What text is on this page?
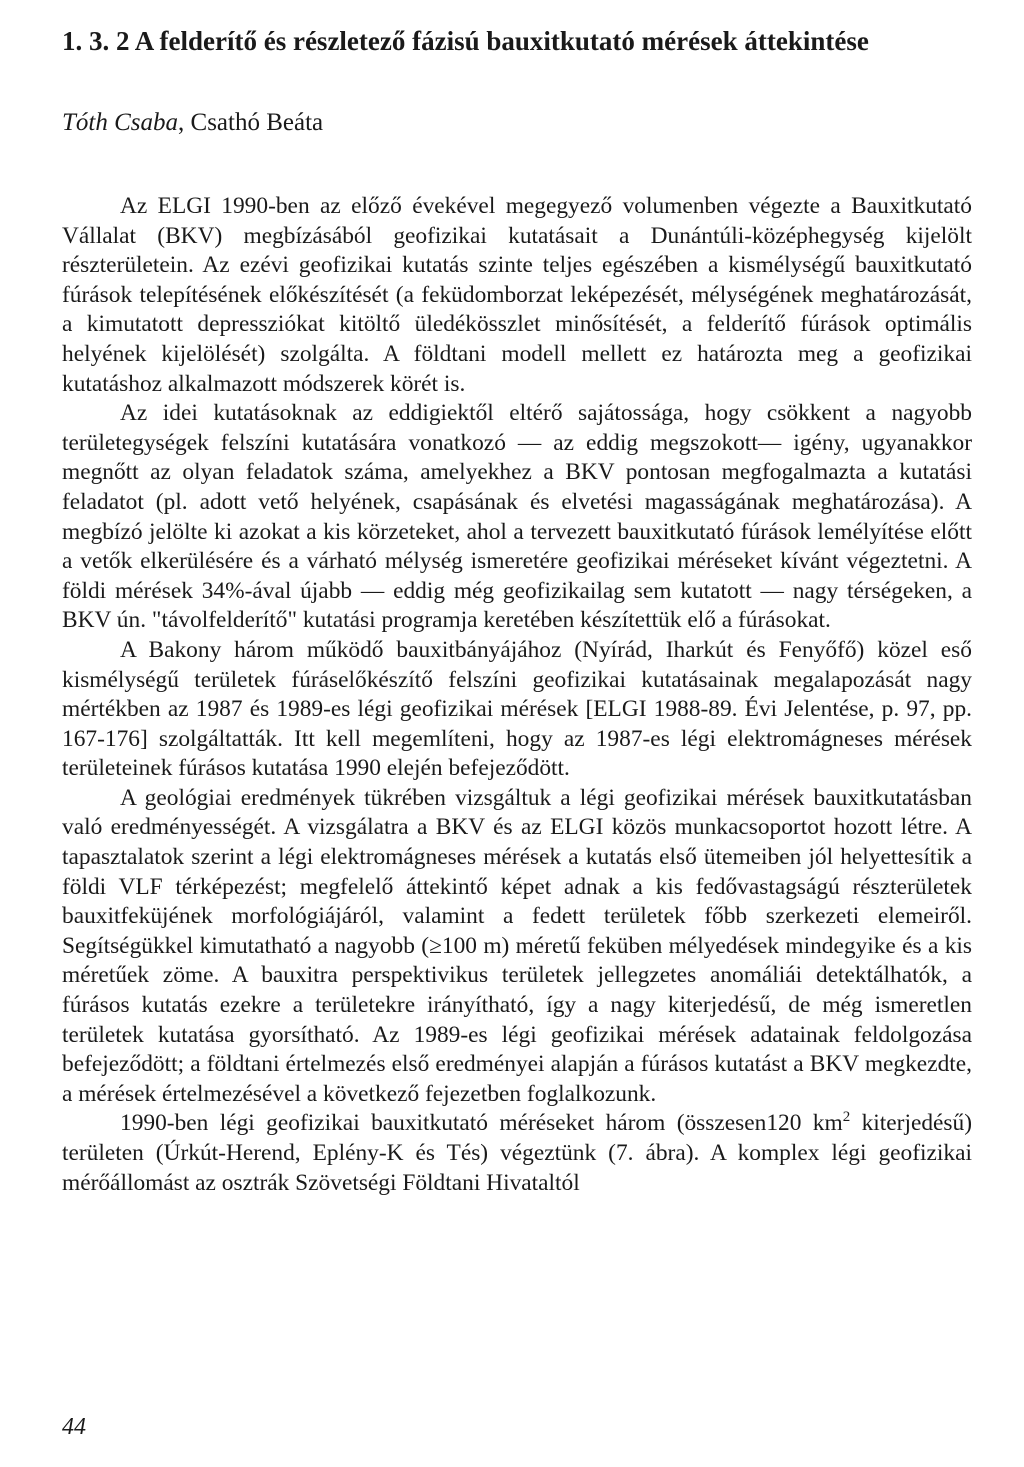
1. 3. 2 A felderítő és részletező fázisú bauxitkutató mérések áttekintése
Tóth Csaba, Csathó Beáta

Az ELGI 1990-ben az előző évekével megegyező volumenben végezte a Bauxitkutató Vállalat (BKV) megbízásából geofizikai kutatásait a Dunántúli-középhegység kijelölt részterületein. Az ezévi geofizikai kutatás szinte teljes egészében a kismélységű bauxitkutató fúrások telepítésének előkészítését (a feküdomborzat leképezését, mélységének meghatározását, a kimutatott depressziókat kitöltő üledékösszlet minősítését, a felderítő fúrások optimális helyének kijelölését) szolgálta. A földtani modell mellett ez határozta meg a geofizikai kutatáshoz alkalmazott módszerek körét is.

Az idei kutatásoknak az eddigiektől eltérő sajátossága, hogy csökkent a nagyobb területegységek felszíni kutatására vonatkozó — az eddig megszokott— igény, ugyanakkor megnőtt az olyan feladatok száma, amelyekhez a BKV pontosan megfogalmazta a kutatási feladatot (pl. adott vető helyének, csapásának és elvetési magasságának meghatározása). A megbízó jelölte ki azokat a kis körzeteket, ahol a tervezett bauxitkutató fúrások lemélyítése előtt a vetők elkerülésére és a várható mélység ismeretére geofizikai méréseket kívánt végeztetni. A földi mérések 34%-ával újabb — eddig még geofizikailag sem kutatott — nagy térségeken, a BKV ún. "távolfelderítő" kutatási programja keretében készítettük elő a fúrásokat.

A Bakony három működő bauxitbányájához (Nyírád, Iharkút és Fenyőfő) közel eső kismélységű területek fúráselőkészítő felszíni geofizikai kutatásainak megalapozását nagy mértékben az 1987 és 1989-es légi geofizikai mérések [ELGI 1988-89. Évi Jelentése, p. 97, pp. 167-176] szolgáltatták. Itt kell megemlíteni, hogy az 1987-es légi elektromágneses mérések területeinek fúrásos kutatása 1990 elején befejeződött.

A geológiai eredmények tükrében vizsgáltuk a légi geofizikai mérések bauxitkutatásban való eredményességét. A vizsgálatra a BKV és az ELGI közös munkacsoportot hozott létre. A tapasztalatok szerint a légi elektromágneses mérések a kutatás első ütemeiben jól helyettesítik a földi VLF térképezést; megfelelő áttekintő képet adnak a kis fedővastagságú részterületek bauxitfeküjének morfológiájáról, valamint a fedett területek főbb szerkezeti elemeiről. Segítségükkel kimutatható a nagyobb (≥100 m) méretű feküben mélyedések mindegyike és a kis méretűek zöme. A bauxitra perspektivikus területek jellegzetes anomáliái detektálhatók, a fúrásos kutatás ezekre a területekre irányítható, így a nagy kiterjedésű, de még ismeretlen területek kutatása gyorsítható. Az 1989-es légi geofizikai mérések adatainak feldolgozása befejeződött; a földtani értelmezés első eredményei alapján a fúrásos kutatást a BKV megkezdte, a mérések értelmezésével a következő fejezetben foglalkozunk.

1990-ben légi geofizikai bauxitkutató méréseket három (összesen120 $km^2$ kiterjedésű) területen (Úrkút-Herend, Eplény-K és Tés) végeztünk (7. ábra). A komplex légi geofizikai mérőállomást az osztrák Szövetségi Földtani Hivataltól

44
